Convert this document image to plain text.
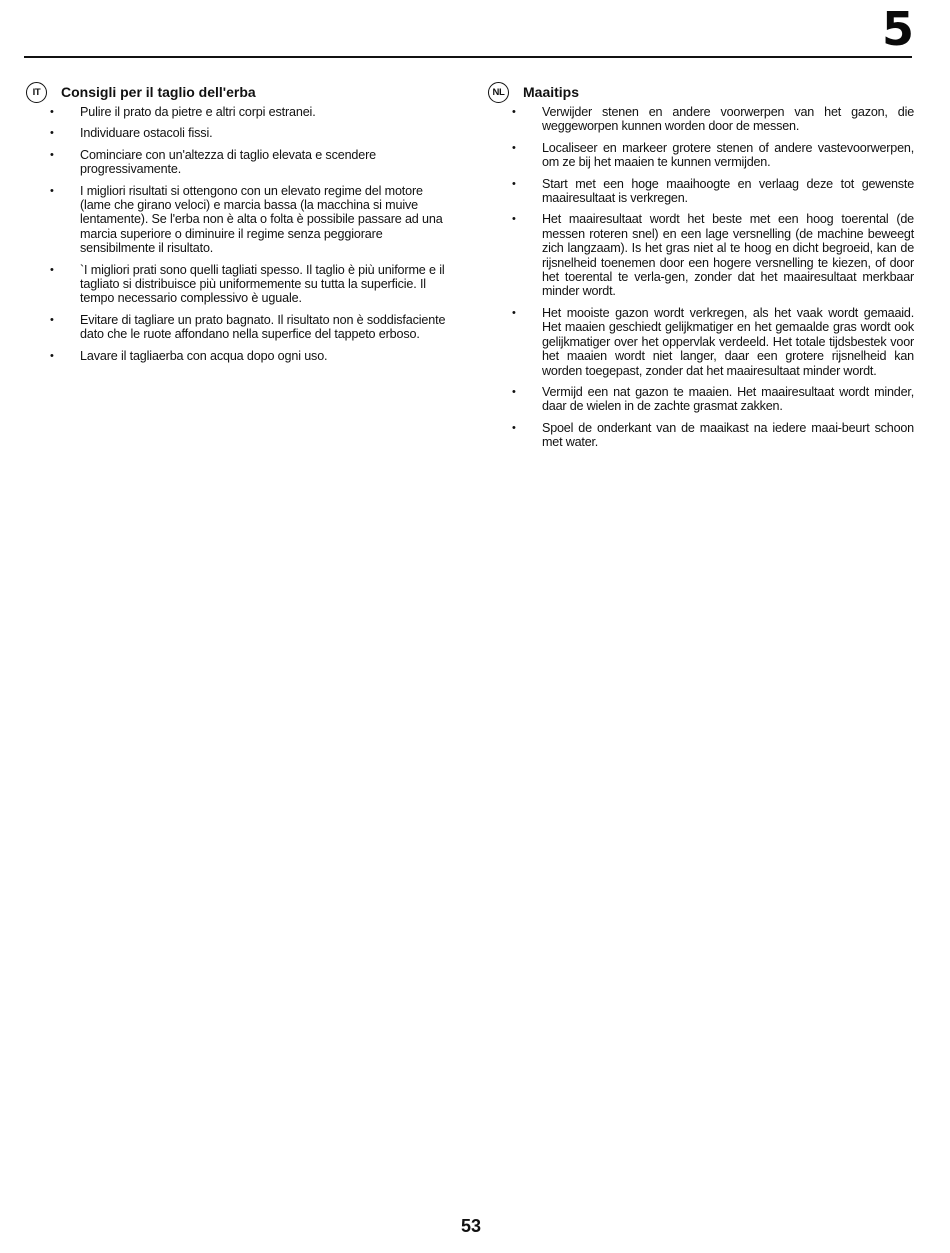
5
IT	Consigli per il taglio dell'erba
• Pulire il prato da pietre e altri corpi estranei.
• Individuare ostacoli fissi.
• Cominciare con un'altezza di taglio elevata e scendere progressivamente.
• I migliori risultati si ottengono con un elevato regime del motore (lame che girano veloci) e marcia bassa (la macchina si muive lentamente). Se l'erba non è alta o folta è possibile passare ad una marcia superiore o diminuire il regime senza peggiorare sensibilmente il risultato.
• `I migliori prati sono quelli tagliati spesso. Il taglio è più uniforme e il tagliato si distribuisce più uniformemente su tutta la superficie. Il tempo necessario complessivo è uguale.
• Evitare di tagliare un prato bagnato. Il risultato non è soddisfaciente dato che le ruote affondano nella superfice del tappeto erboso.
• Lavare il tagliaerba con acqua dopo ogni uso.
NL	Maaitips
• Verwijder stenen en andere voorwerpen van het gazon, die weggeworpen kunnen worden door de messen.
• Localiseer en markeer grotere stenen of andere vastevoorwerpen, om ze bij het maaien te kunnen vermijden.
• Start met een hoge maaihoogte en verlaag deze tot gewenste maairesultaat is verkregen.
• Het maairesultaat wordt het beste met een hoog toerental (de messen roteren snel) en een lage versnelling (de machine beweegt zich langzaam). Is het gras niet al te hoog en dicht begroeid, kan de rijsnelheid toenemen door een hogere versnelling te kiezen, of door het toerental te verla-gen, zonder dat het maairesultaat merkbaar minder wordt.
• Het mooiste gazon wordt verkregen, als het vaak wordt gemaaid. Het maaien geschiedt gelijkmatiger en het gemaalde gras wordt ook gelijkmatiger over het oppervlak verdeeld. Het totale tijdsbestek voor het maaien wordt niet langer, daar een grotere rijsnelheid kan worden toegepast, zonder dat het maairesultaat minder wordt.
• Vermijd een nat gazon te maaien. Het maairesultaat wordt minder, daar de wielen in de zachte grasmat zakken.
• Spoel de onderkant van de maaikast na iedere maai-beurt schoon met water.
53
